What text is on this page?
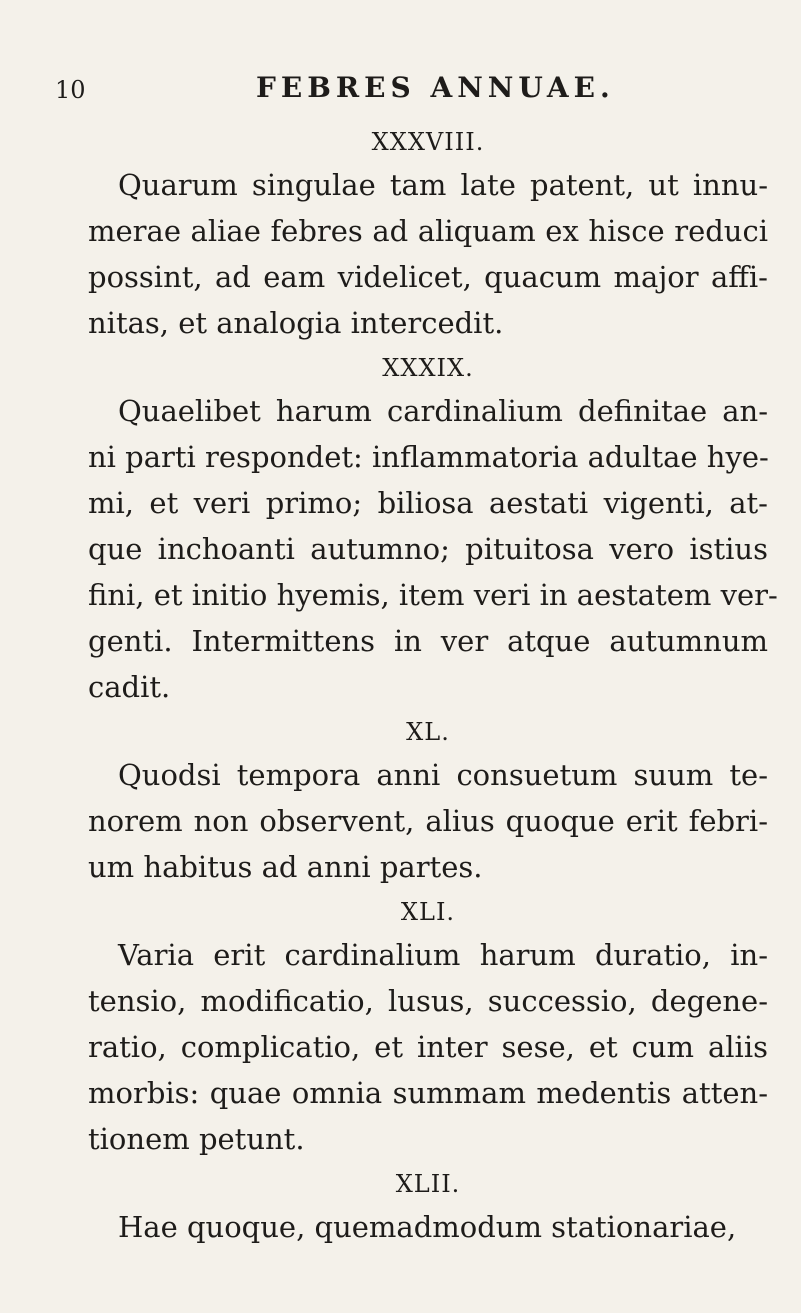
10	FEBRES ANNUAE.
XXXVIII.
Quarum singulae tam late patent, ut innu-
merae aliae febres ad aliquam ex hisce reduci
possint, ad eam videlicet, quacum major affi-
nitas, et analogia intercedit.
XXXIX.
Quaelibet harum cardinalium definitae an-
ni parti respondet: inflammatoria adultae hye-
mi, et veri primo; biliosa aestati vigenti, at-
que inchoanti autumno; pituitosa vero istius
fini, et initio hyemis, item veri in aestatem ver-
genti. Intermittens in ver atque autumnum
cadit.
XL.
Quodsi tempora anni consuetum suum te-
norem non observent, alius quoque erit febri-
um habitus ad anni partes.
XLI.
Varia erit cardinalium harum duratio, in-
tensio, modificatio, lusus, successio, degene-
ratio, complicatio, et inter sese, et cum aliis
morbis: quae omnia summam medentis atten-
tionem petunt.
XLII.
Hae quoque, quemadmodum stationariae,
